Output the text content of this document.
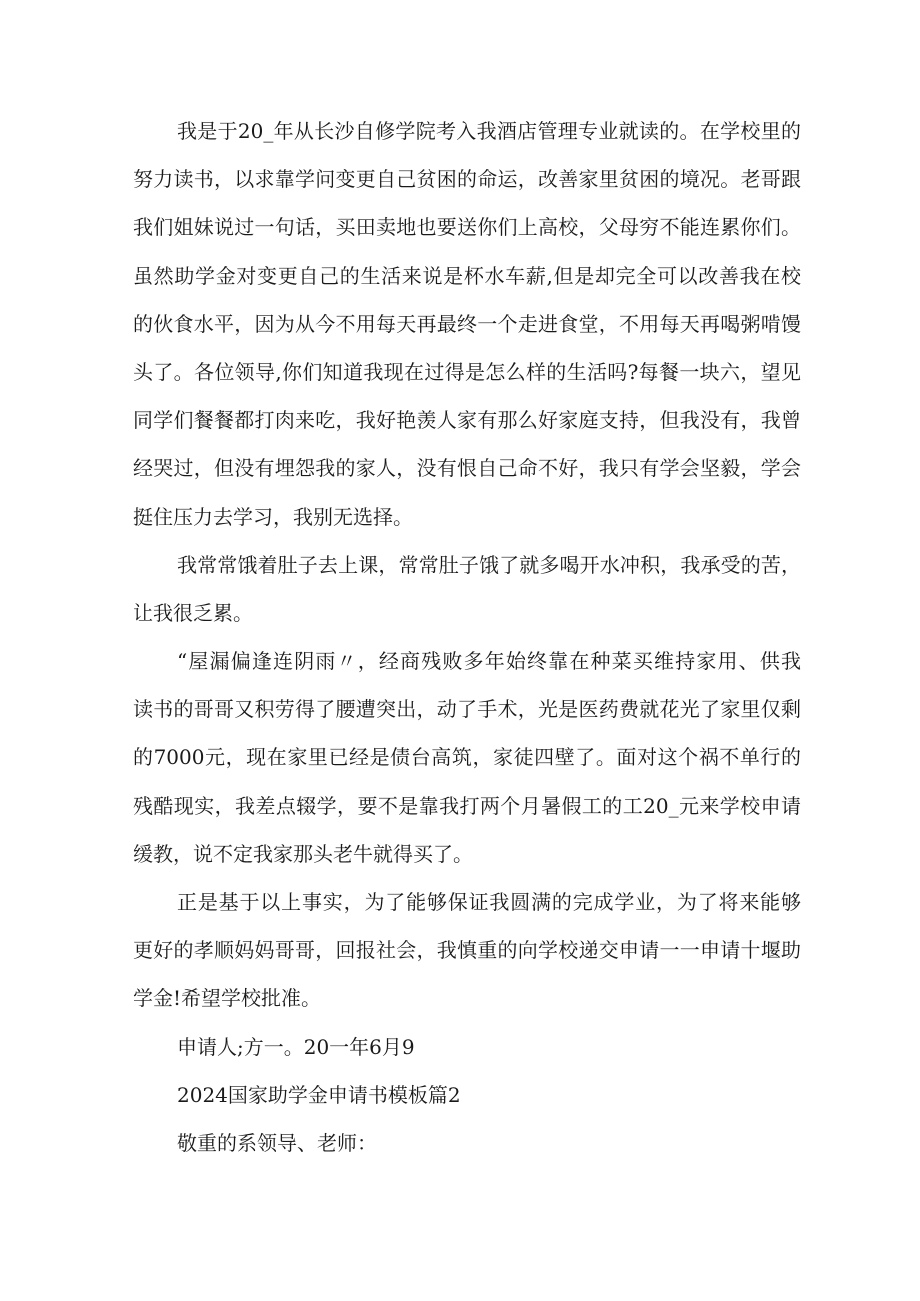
我是于20_年从长沙自修学院考入我酒店管理专业就读的。在学校里的
努力读书，以求靠学问变更自己贫困的命运，改善家里贫困的境况。老哥跟
我们姐妹说过一句话，买田卖地也要送你们上高校，父母穷不能连累你们。
虽然助学金对变更自己的生活来说是杯水车薪,但是却完全可以改善我在校
的伙食水平，因为从今不用每天再最终一个走进食堂，不用每天再喝粥啃馒
头了。各位领导,你们知道我现在过得是怎么样的生活吗?每餐一块六，望见
同学们餐餐都打肉来吃，我好艳羡人家有那么好家庭支持，但我没有，我曾
经哭过，但没有埋怨我的家人，没有恨自己命不好，我只有学会坚毅，学会
挺住压力去学习，我别无选择。
我常常饿着肚子去上课，常常肚子饿了就多喝开水冲积，我承受的苦，
让我很乏累。
“屋漏偏逢连阴雨〃，经商残败多年始终靠在种菜买维持家用、供我
读书的哥哥又积劳得了腰遭突出，动了手术，光是医药费就花光了家里仅剩
的7000元，现在家里已经是债台高筑，家徒四壁了。面对这个祸不单行的
残酷现实，我差点辍学，要不是靠我打两个月暑假工的工20_元来学校申请
缓教，说不定我家那头老牛就得买了。
正是基于以上事实，为了能够保证我圆满的完成学业，为了将来能够
更好的孝顺妈妈哥哥，回报社会，我慎重的向学校递交申请一一申请十堰助
学金!希望学校批准。
申请人;方一。20一年6月9
2024国家助学金申请书模板篇2
敬重的系领导、老师：
